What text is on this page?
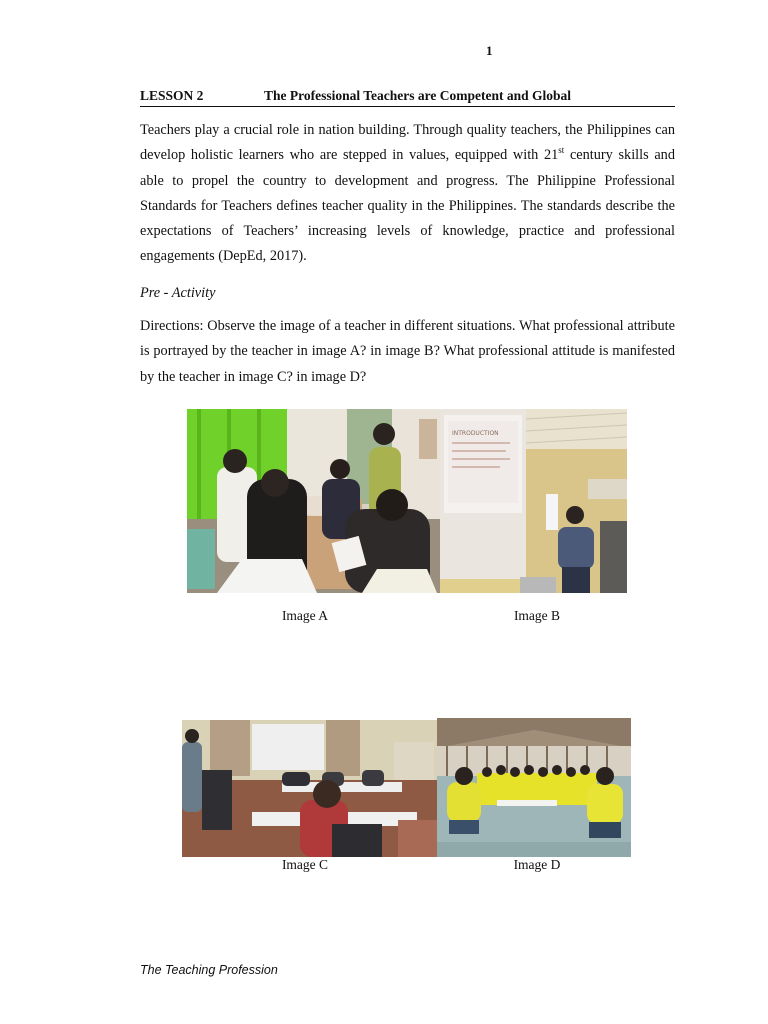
1
LESSON 2	The Professional Teachers are Competent and Global

Teachers play a crucial role in nation building. Through quality teachers, the Philippines can develop holistic learners who are stepped in values, equipped with 21st century skills and able to propel the country to development and progress. The Philippine Professional Standards for Teachers defines teacher quality in the Philippines. The standards describe the expectations of Teachers’ increasing levels of knowledge, practice and professional engagements (DepEd, 2017).

Pre - Activity

Directions: Observe the image of a teacher in different situations. What professional attribute is portrayed by the teacher in image A? in image B? What professional attitude is manifested by the teacher in image C? in image D?

INTRODUCTION
Image A	Image B
Image C	Image D
The Teaching Profession
